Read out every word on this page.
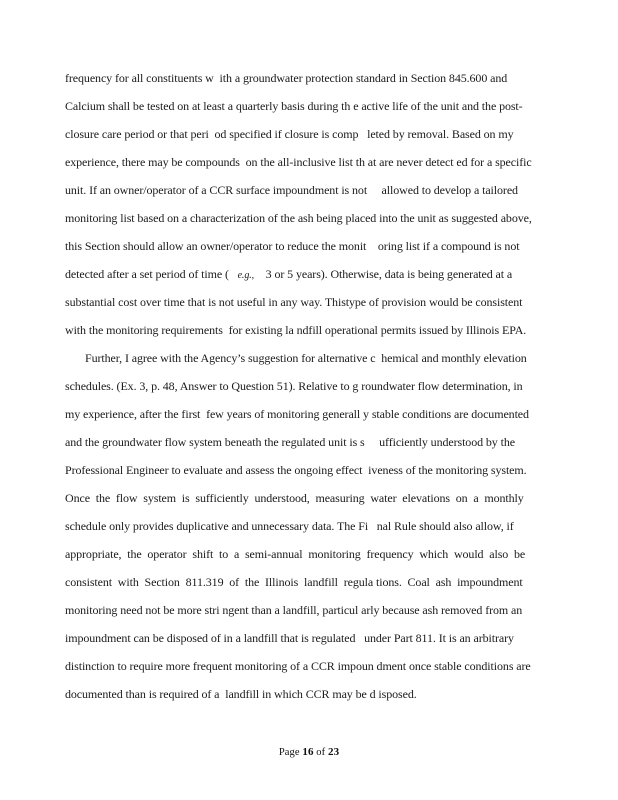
frequency for all constituents w  ith a groundwater protection standard in Section 845.600 and
Calcium shall be tested on at least a quarterly basis during th e active life of the unit and the post-
closure care period or that peri  od specified if closure is comp   leted by removal. Based on my
experience, there may be compounds  on the all-inclusive list th at are never detect ed for a specific
unit. If an owner/operator of a CCR surface impoundment is not     allowed to develop a tailored
monitoring list based on a characterization of the ash being placed into the unit as suggested above,
this Section should allow an owner/operator to reduce the monit    oring list if a compound is not
detected after a set period of time (   e.g.,    3 or 5 years). Otherwise, data is being generated at a
substantial cost over time that is not useful in any way. Thistype of provision would be consistent
with the monitoring requirements  for existing la ndfill operational permits issued by Illinois EPA.
Further, I agree with the Agency’s suggestion for alternative c  hemical and monthly elevation
schedules. (Ex. 3, p. 48, Answer to Question 51). Relative to g roundwater flow determination, in
my experience, after the first  few years of monitoring generall y stable conditions are documented
and the groundwater flow system beneath the regulated unit is s     ufficiently understood by the
Professional Engineer to evaluate and assess the ongoing effect  iveness of the monitoring system.
Once  the  flow  system  is  sufficiently  understood,  measuring  water  elevations  on  a  monthly
schedule only provides duplicative and unnecessary data. The Fi   nal Rule should also allow, if
appropriate,  the  operator  shift  to  a  semi-annual  monitoring  frequency  which  would  also  be
consistent  with  Section  811.319  of  the  Illinois  landfill  regula tions.  Coal  ash  impoundment
monitoring need not be more stri ngent than a landfill, particul arly because ash removed from an
impoundment can be disposed of in a landfill that is regulated   under Part 811. It is an arbitrary
distinction to require more frequent monitoring of a CCR impoun dment once stable conditions are
documented than is required of a  landfill in which CCR may be d isposed.
Page 16 of 23
